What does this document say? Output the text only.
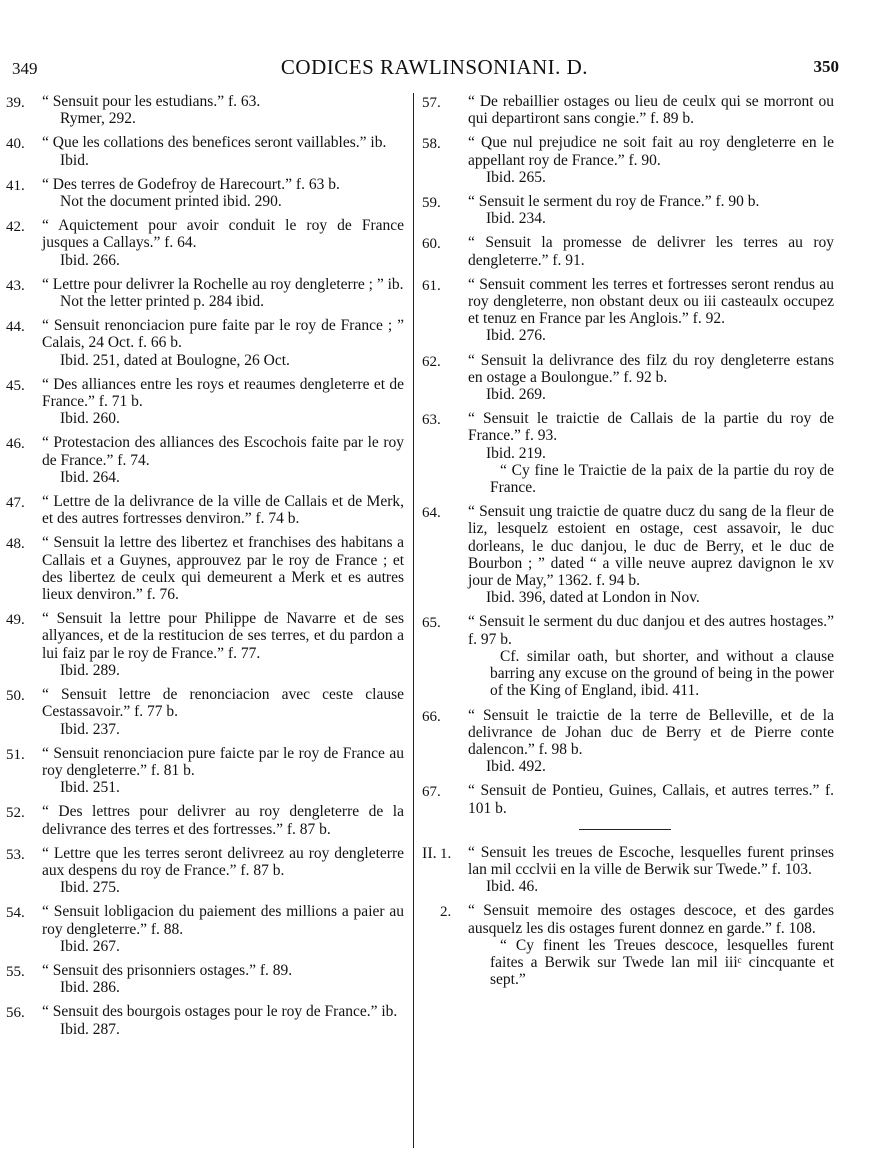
349	CODICES RAWLINSONIANI. D.	350
39. “ Sensuit pour les estudians.” f. 63.
Rymer, 292.
40. “ Que les collations des benefices seront vaillables.” ib.
Ibid.
41. “ Des terres de Godefroy de Harecourt.” f. 63 b.
Not the document printed ibid. 290.
42. “ Aquictement pour avoir conduit le roy de France jusques a Callays.” f. 64.
Ibid. 266.
43. “ Lettre pour delivrer la Rochelle au roy dengleterre ; ” ib.
Not the letter printed p. 284 ibid.
44. “ Sensuit renonciacion pure faite par le roy de France ; ” Calais, 24 Oct. f. 66 b.
Ibid. 251, dated at Boulogne, 26 Oct.
45. “ Des alliances entre les roys et reaumes dengleterre et de France.” f. 71 b.
Ibid. 260.
46. “ Protestacion des alliances des Escochois faite par le roy de France.” f. 74.
Ibid. 264.
47. “ Lettre de la delivrance de la ville de Callais et de Merk, et des autres fortresses denviron.” f. 74 b.
48. “ Sensuit la lettre des libertez et franchises des habitans a Callais et a Guynes, approuvez par le roy de France ; et des libertez de ceulx qui demeurent a Merk et es autres lieux denviron.” f. 76.
49. “ Sensuit la lettre pour Philippe de Navarre et de ses allyances, et de la restitucion de ses terres, et du pardon a lui faiz par le roy de France.” f. 77.
Ibid. 289.
50. “ Sensuit lettre de renonciacion avec ceste clause Cestassavoir.” f. 77 b.
Ibid. 237.
51. “ Sensuit renonciacion pure faicte par le roy de France au roy dengleterre.” f. 81 b.
Ibid. 251.
52. “ Des lettres pour delivrer au roy dengleterre de la delivrance des terres et des fortresses.” f. 87 b.
53. “ Lettre que les terres seront delivreez au roy dengleterre aux despens du roy de France.” f. 87 b.
Ibid. 275.
54. “ Sensuit lobligacion du paiement des millions a paier au roy dengleterre.” f. 88.
Ibid. 267.
55. “ Sensuit des prisonniers ostages.” f. 89.
Ibid. 286.
56. “ Sensuit des bourgois ostages pour le roy de France.” ib.
Ibid. 287.
57. “ De rebaillier ostages ou lieu de ceulx qui se morront ou qui departiront sans congie.” f. 89 b.
58. “ Que nul prejudice ne soit fait au roy dengleterre en le appellant roy de France.” f. 90.
Ibid. 265.
59. “ Sensuit le serment du roy de France.” f. 90 b.
Ibid. 234.
60. “ Sensuit la promesse de delivrer les terres au roy dengleterre.” f. 91.
61. “ Sensuit comment les terres et fortresses seront rendus au roy dengleterre, non obstant deux ou iii casteaulx occupez et tenuz en France par les Anglois.” f. 92.
Ibid. 276.
62. “ Sensuit la delivrance des filz du roy dengleterre estans en ostage a Boulongue.” f. 92 b.
Ibid. 269.
63. “ Sensuit le traictie de Callais de la partie du roy de France.” f. 93.
Ibid. 219.
“ Cy fine le Traictie de la paix de la partie du roy de France.
64. “ Sensuit ung traictie de quatre ducz du sang de la fleur de liz, lesquelz estoient en ostage, cest assavoir, le duc dorleans, le duc danjou, le duc de Berry, et le duc de Bourbon ; ” dated “ a ville neuve auprez davignon le xv jour de May,” 1362. f. 94 b.
Ibid. 396, dated at London in Nov.
65. “ Sensuit le serment du duc danjou et des autres hostages.” f. 97 b.
Cf. similar oath, but shorter, and without a clause barring any excuse on the ground of being in the power of the King of England, ibid. 411.
66. “ Sensuit le traictie de la terre de Belleville, et de la delivrance de Johan duc de Berry et de Pierre conte dalencon.” f. 98 b.
Ibid. 492.
67. “ Sensuit de Pontieu, Guines, Callais, et autres terres.” f. 101 b.
II. 1. “ Sensuit les treues de Escoche, lesquelles furent prinses lan mil ccclvii en la ville de Berwik sur Twede.” f. 103.
Ibid. 46.
2. “ Sensuit memoire des ostages descoce, et des gardes ausquelz les dis ostages furent donnez en garde.” f. 108.
“ Cy finent les Treues descoce, lesquelles furent faites a Berwik sur Twede lan mil iiiᶜ cincquante et sept.”
